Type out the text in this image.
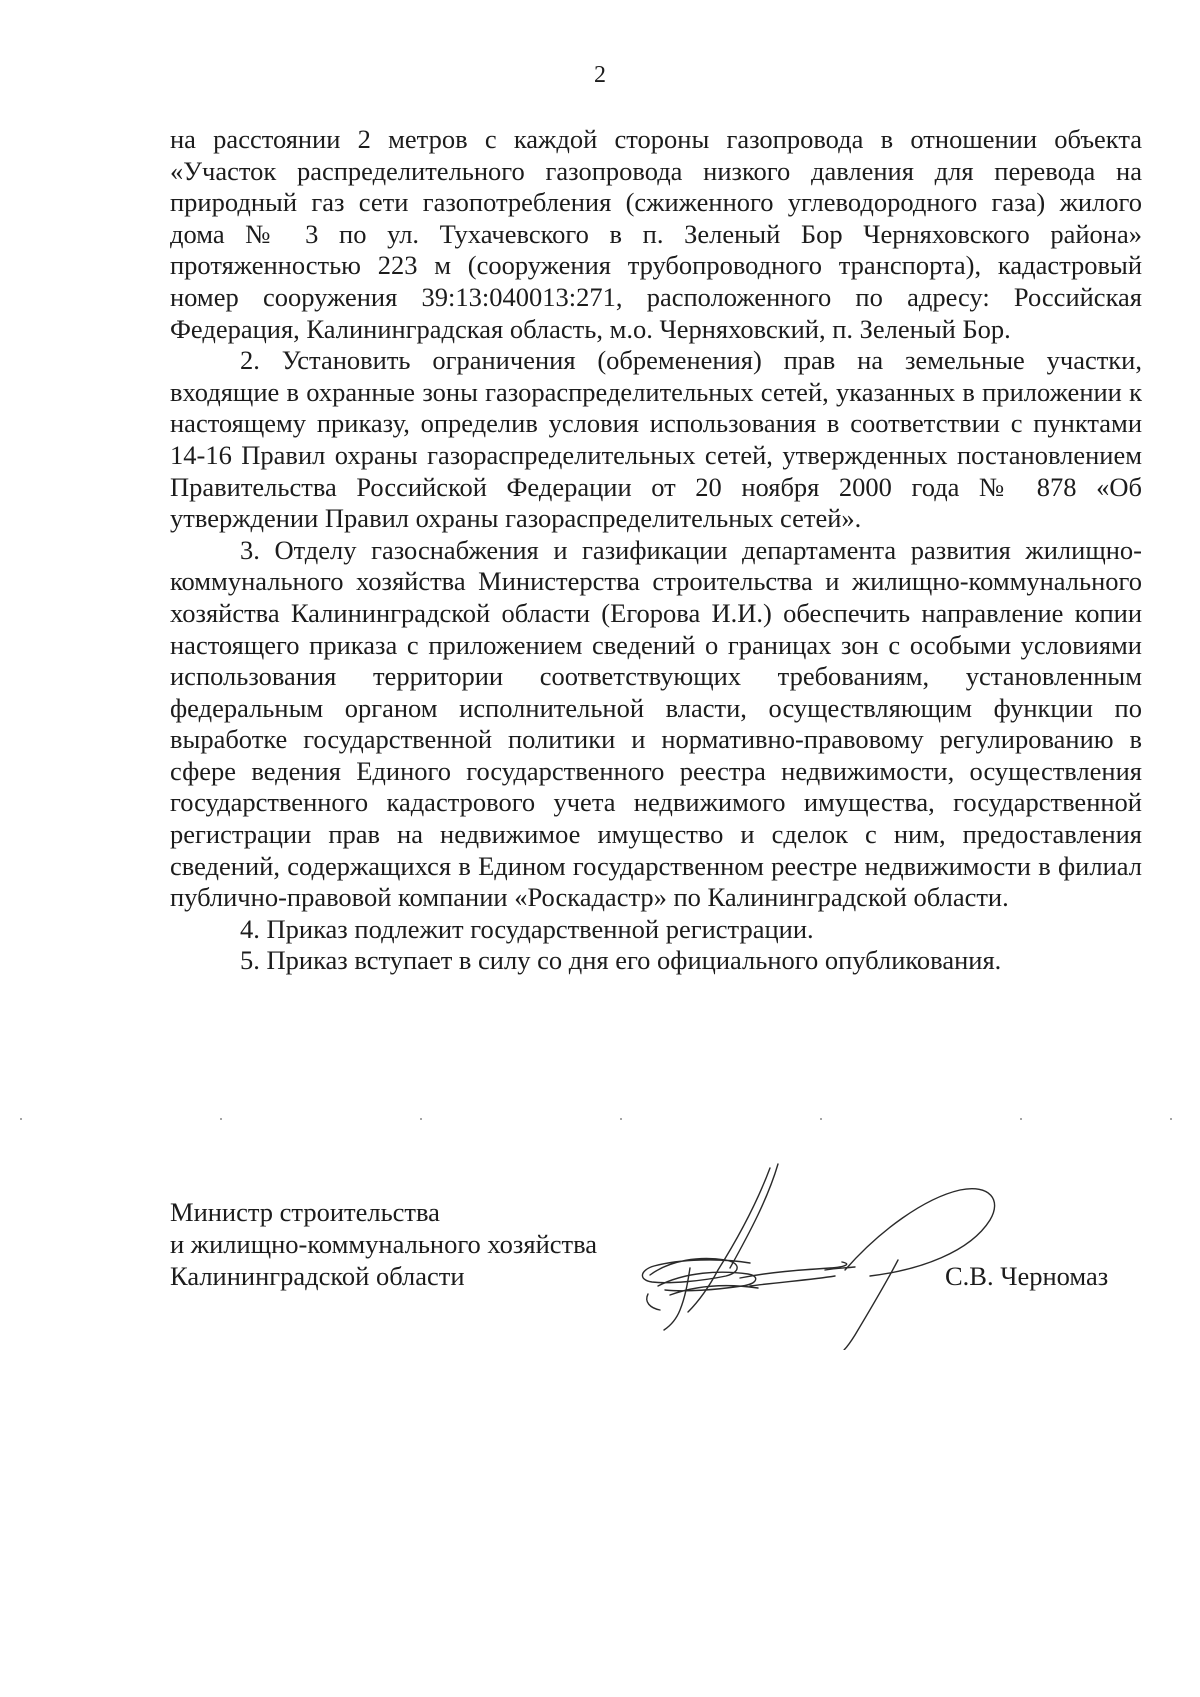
2

на расстоянии 2 метров с каждой стороны газопровода в отношении объекта «Участок распределительного газопровода низкого давления для перевода на природный газ сети газопотребления (сжиженного углеводородного газа) жилого дома № 3 по ул. Тухачевского в п. Зеленый Бор Черняховского района» протяженностью 223 м (сооружения трубопроводного транспорта), кадастровый номер сооружения 39:13:040013:271, расположенного по адресу: Российская Федерация, Калининградская область, м.о. Черняховский, п. Зеленый Бор.

2. Установить ограничения (обременения) прав на земельные участки, входящие в охранные зоны газораспределительных сетей, указанных в приложении к настоящему приказу, определив условия использования в соответствии с пунктами 14-16 Правил охраны газораспределительных сетей, утвержденных постановлением Правительства Российской Федерации от 20 ноября 2000 года № 878 «Об утверждении Правил охраны газораспределительных сетей».

3. Отделу газоснабжения и газификации департамента развития жилищно-коммунального хозяйства Министерства строительства и жилищно-коммунального хозяйства Калининградской области (Егорова И.И.) обеспечить направление копии настоящего приказа с приложением сведений о границах зон с особыми условиями использования территории соответствующих требованиям, установленным федеральным органом исполнительной власти, осуществляющим функции по выработке государственной политики и нормативно-правовому регулированию в сфере ведения Единого государственного реестра недвижимости, осуществления государственного кадастрового учета недвижимого имущества, государственной регистрации прав на недвижимое имущество и сделок с ним, предоставления сведений, содержащихся в Едином государственном реестре недвижимости в филиал публично-правовой компании «Роскадастр» по Калининградской области.

4. Приказ подлежит государственной регистрации.

5. Приказ вступает в силу со дня его официального опубликования.

Министр строительства
и жилищно-коммунального хозяйства
Калининградской области	С.В. Черномаз
